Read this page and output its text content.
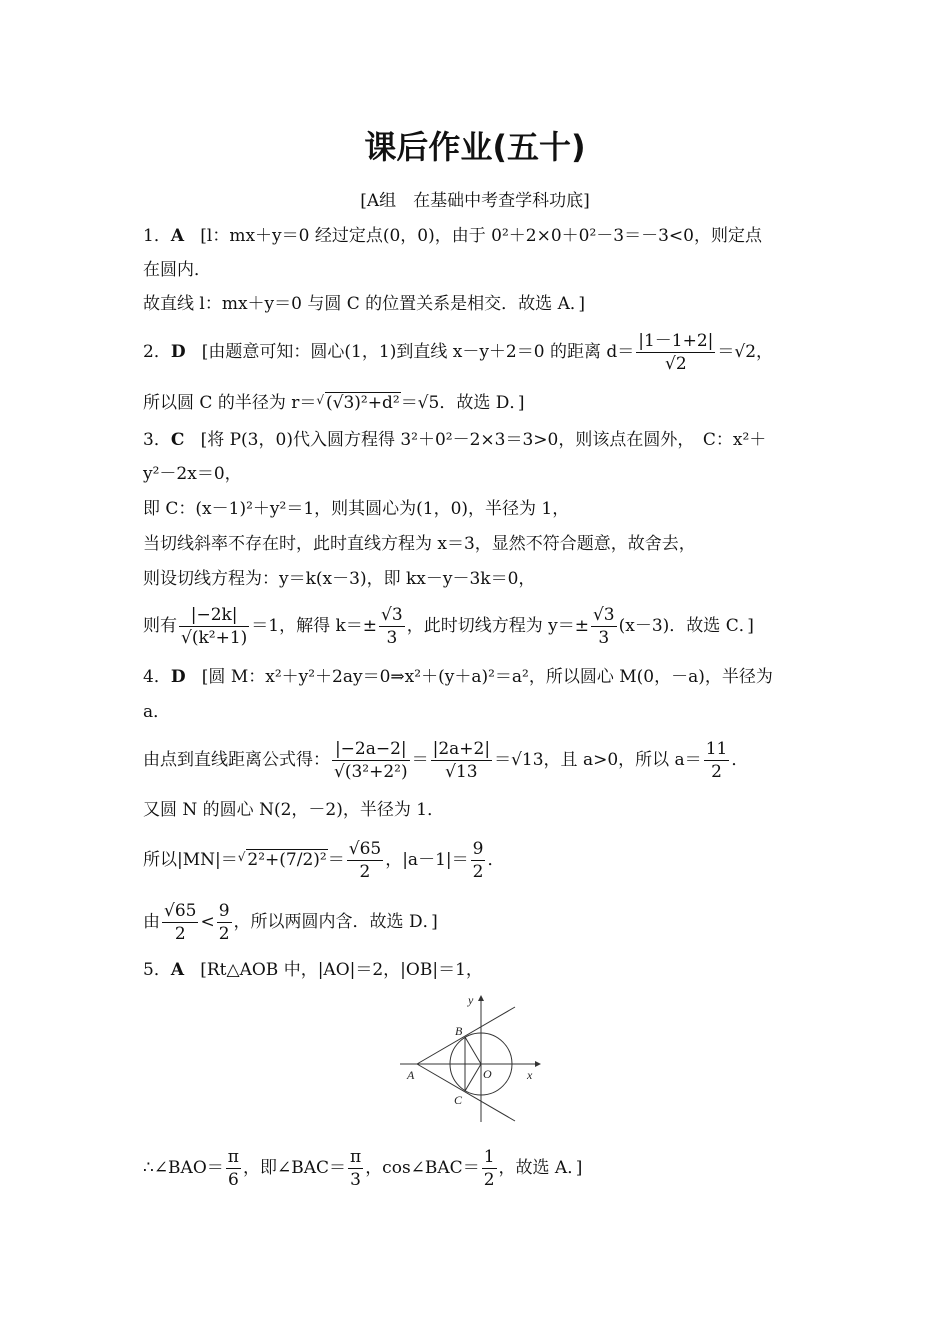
课后作业(五十)
[A组　在基础中考查学科功底]
1．A [l：mx＋y＝0 经过定点(0，0)，由于 0²＋2×0＋0²－3＝－3<0，则定点
在圆内．
故直线 l：mx＋y＝0 与圆 C 的位置关系是相交．故选 A．]
2．D [由题意可知：圆心(1，1)到直线 x－y＋2＝0 的距离 $d= \frac{|1-1+2|}{√2} =√2$，
所以圆 C 的半径为 r＝√ (√3)²+d²＝√5．故选 D．]
3．C [将 P(3，0)代入圆方程得 3²＋0²－2×3＝3>0，则该点在圆外，　C：x²＋
y²－2x＝0，
即 C：(x－1)²＋y²＝1，则其圆心为(1，0)，半径为 1，
当切线斜率不存在时，此时直线方程为 x＝3，显然不符合题意，故舍去，
则设切线方程为：y＝k(x－3)，即 kx－y－3k＝0，
则有 $\frac{|-2k|}{\text{√(k²+1)}} =1$，解得 $k=\pm \frac{√3}{3}$ ，此时切线方程为 $y=\pm \frac{√3}{3} (x-3)$．故选 C．]
4．D [圆 M：x²＋y²＋2ay＝0⇒x²＋(y＋a)²＝a²，所以圆心 M(0，－a)，半径为
a．
由点到直线距离公式得： $\frac{|-2a-2|}{\text{√(3²+2²)}} = \frac{|2a+2|}{√13} =√13$，且 a>0，所以 $a= \frac{11}{2}$ ．
又圆 N 的圆心 N(2，－2)，半径为 1．
所以|MN|＝√ $2^2+(7/2)^2= \frac{√65}{2}$ ，$|a-1|= \frac{9}{2}$ ．
由 $\frac{√65}{2} < \frac{9}{2}$ ，所以两圆内含．故选 D．]
5．A [Rt△AOB 中，|AO|＝2，|OB|＝1，
y
x
A	O
B
C
∴∠BAO＝ $\frac{\pi}{6}$ ，即∠BAC＝ $\frac{\pi}{3}$ ，cos∠BAC＝ $\frac{1}{2}$ ，故选 A．]
